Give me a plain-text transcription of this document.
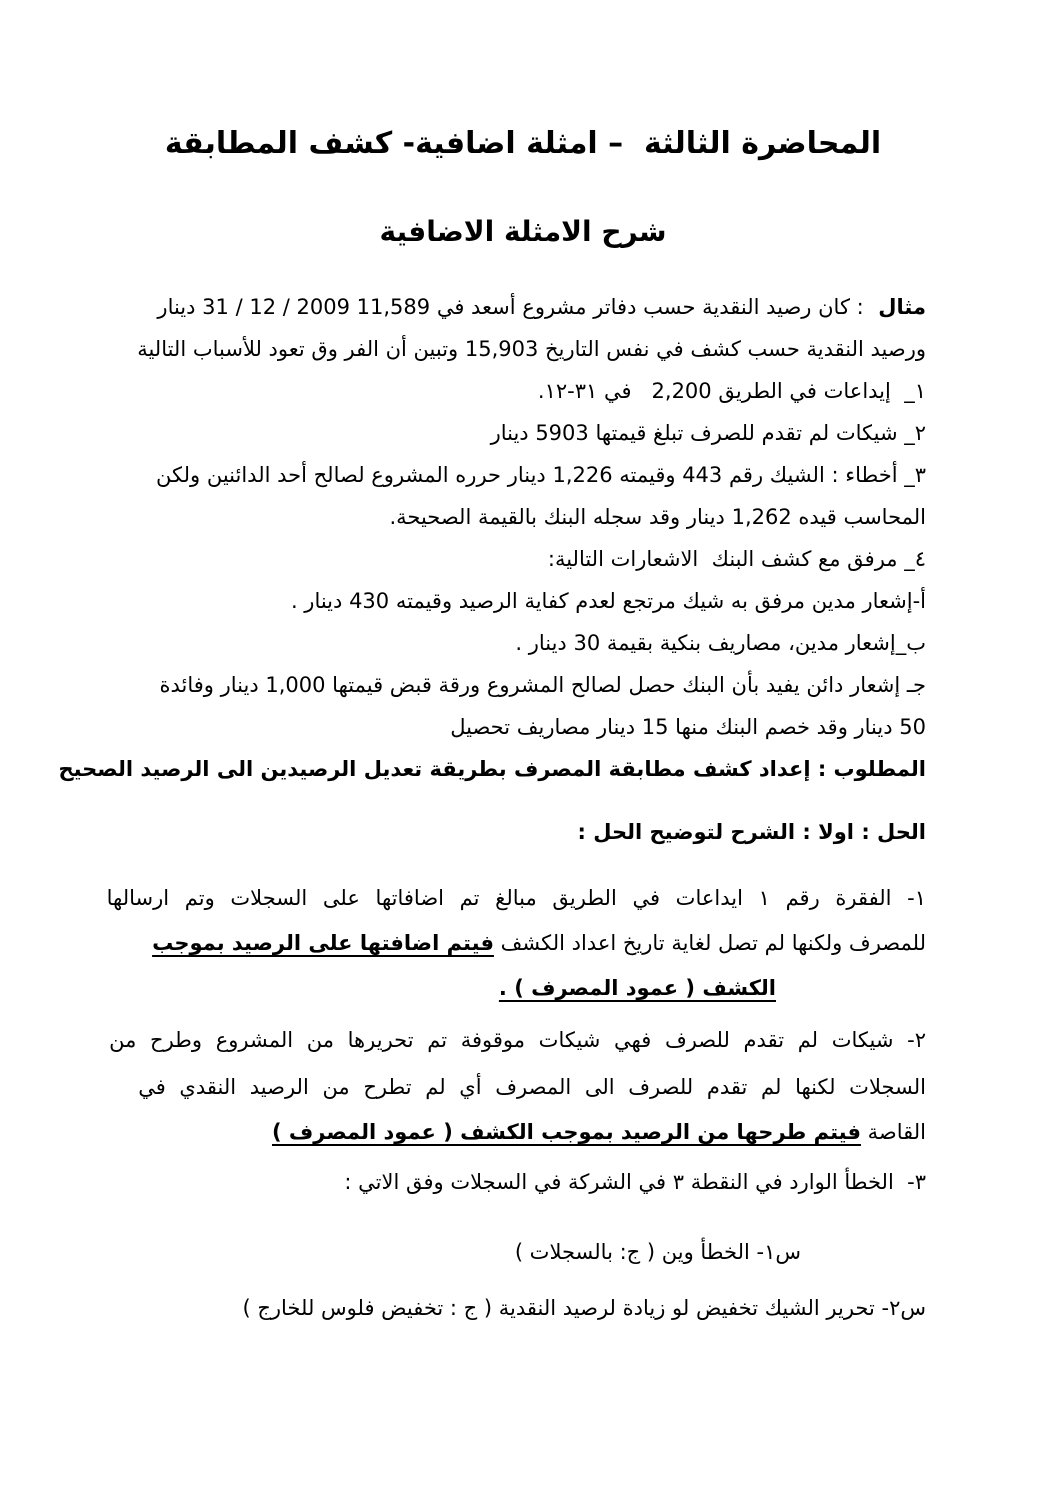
المحاضرة الثالثة  – امثلة اضافية- كشف المطابقة
شرح الامثلة الاضافية
مثال  : كان رصيد النقدية حسب دفاتر مشروع أسعد في 11,589 2009 / 12 / 31 دينار
ورصيد النقدية حسب كشف في نفس التاريخ 15,903 وتبين أن الفر وق تعود للأسباب التالية
١_  إيداعات في الطريق 2,200   في ٣١-١٢.
٢_ شيكات لم تقدم للصرف تبلغ قيمتها 5903 دينار
٣_ أخطاء : الشيك رقم 443 وقيمته 1,226 دينار حرره المشروع لصالح أحد الدائنين ولكن
المحاسب قيده 1,262 دينار وقد سجله البنك بالقيمة الصحيحة.
٤_ مرفق مع كشف البنك  الاشعارات التالية:
أ-إشعار مدين مرفق به شيك مرتجع لعدم كفاية الرصيد وقيمته 430 دينار .
ب_إشعار مدين، مصاريف بنكية بقيمة 30 دينار .
جـ إشعار دائن يفيد بأن البنك حصل لصالح المشروع ورقة قبض قيمتها 1,000 دينار وفائدة
50 دينار وقد خصم البنك منها 15 دينار مصاريف تحصيل
المطلوب : إعداد كشف مطابقة المصرف بطريقة تعديل الرصيدين الى الرصيد الصحيح
الحل : اولا : الشرح لتوضيح الحل :
١- الفقرة رقم ١ ايداعات في الطريق مبالغ تم اضافاتها على السجلات وتم ارسالها
للمصرف ولكنها لم تصل لغاية تاريخ اعداد الكشف فيتم اضافتها على الرصيد بموجب
الكشف ( عمود المصرف ) .
٢- شيكات لم تقدم للصرف فهي شيكات موقوفة تم تحريرها من المشروع وطرح من
السجلات لكنها لم تقدم للصرف الى المصرف أي لم تطرح من الرصيد النقدي في
القاصة فيتم طرحها من الرصيد بموجب الكشف ( عمود المصرف )
٣-  الخطأ الوارد في النقطة ٣ في الشركة في السجلات وفق الاتي :
س١- الخطأ وين ( ج: بالسجلات )
س٢- تحرير الشيك تخفيض لو زيادة لرصيد النقدية ( ج : تخفيض فلوس للخارج )
